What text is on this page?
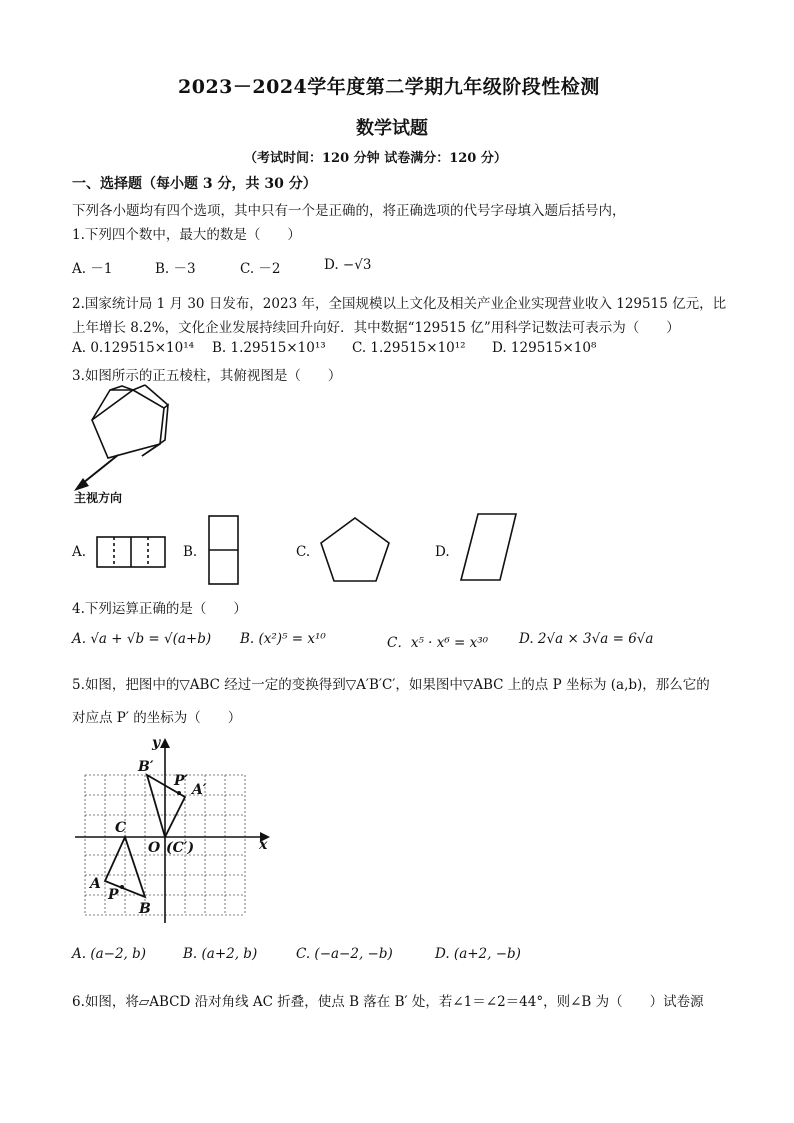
2023－2024学年度第二学期九年级阶段性检测
数学试题
（考试时间：120 分钟 试卷满分：120 分）
一、选择题（每小题 3 分，共 30 分）
下列各小题均有四个选项，其中只有一个是正确的，将正确选项的代号字母填入题后括号内，
1.下列四个数中，最大的数是（　　）
A. －1	B. －3	C. －2	D. −√3
2.国家统计局 1 月 30 日发布，2023 年，全国规模以上文化及相关产业企业实现营业收入 129515 亿元，比
上年增长 8.2%，文化企业发展持续回升向好．其中数据“129515 亿”用科学记数法可表示为（　　）
A. 0.129515×10¹⁴ B. 1.29515×10¹³ C. 1.29515×10¹² D. 129515×10⁸
3.如图所示的正五棱柱，其俯视图是（　　）
主视方向
A.	B.	C.	D.
4.下列运算正确的是（　　）
A. √a + √b = √(a+b) B. (x²)⁵ = x¹⁰	C．x⁵ · x⁶ = x³⁰ D. 2√a × 3√a = 6√a
5.如图，把图中的▽ABC 经过一定的变换得到▽A′B′C′，如果图中▽ABC 上的点 P 坐标为 (a,b)，那么它的
对应点 P′ 的坐标为（　　）
y
x
B′
P′
A′
C
O (C′)
A
P
B
A. (a−2, b)	B. (a+2, b)	C. (−a−2, −b)	D. (a+2, −b)
6.如图，将▱ABCD 沿对角线 AC 折叠，使点 B 落在 B′ 处，若∠1＝∠2＝44°，则∠B 为（　　）试卷源
